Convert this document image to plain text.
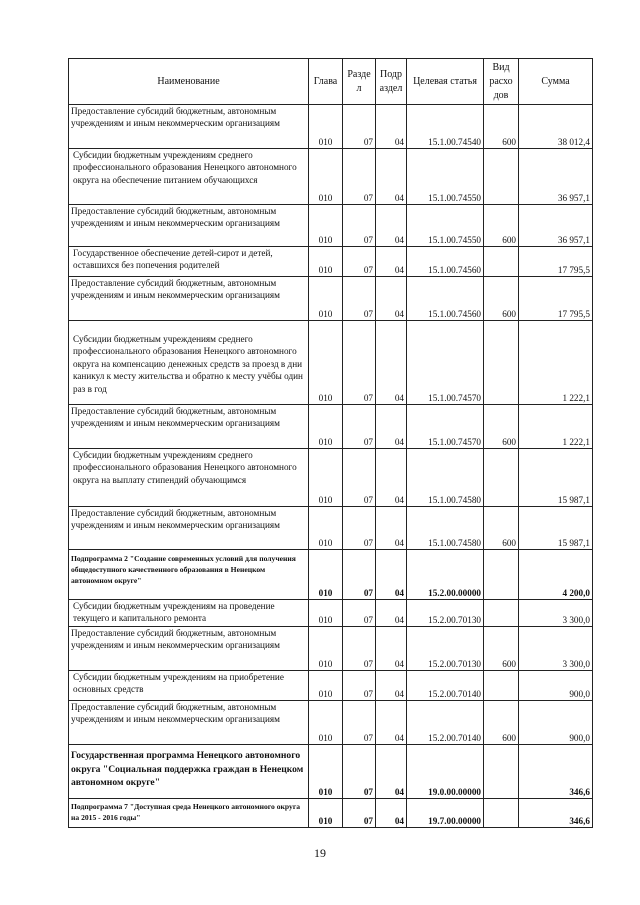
Наименование	Глава	Разде л	Подр аздел	Целевая статья	Вид расхо дов	Сумма
Предоставление субсидий бюджетным, автономным учреждениям и иным некоммерческим организациям	010	07	04	15.1.00.74540	600	38 012,4
Субсидии бюджетным учреждениям среднего профессионального образования Ненецкого автономного округа на обеспечение питанием обучающихся	010	07	04	15.1.00.74550		36 957,1
Предоставление субсидий бюджетным, автономным учреждениям и иным некоммерческим организациям	010	07	04	15.1.00.74550	600	36 957,1
Государственное обеспечение детей-сирот и детей, оставшихся без попечения родителей	010	07	04	15.1.00.74560		17 795,5
Предоставление субсидий бюджетным, автономным учреждениям и иным некоммерческим организациям	010	07	04	15.1.00.74560	600	17 795,5
Субсидии бюджетным учреждениям среднего профессионального образования Ненецкого автономного округа на компенсацию денежных средств за проезд в дни каникул к месту жительства и обратно к месту учёбы один раз в год	010	07	04	15.1.00.74570		1 222,1
Предоставление субсидий бюджетным, автономным учреждениям и иным некоммерческим организациям	010	07	04	15.1.00.74570	600	1 222,1
Субсидии бюджетным учреждениям среднего профессионального образования Ненецкого автономного округа на выплату стипендий обучающимся	010	07	04	15.1.00.74580		15 987,1
Предоставление субсидий бюджетным, автономным учреждениям и иным некоммерческим организациям	010	07	04	15.1.00.74580	600	15 987,1
Подпрограмма 2 "Создание современных условий для получения общедоступного качественного образования в Ненецком автономном округе"	010	07	04	15.2.00.00000		4 200,0
Субсидии бюджетным учреждениям на проведение текущего и капитального ремонта	010	07	04	15.2.00.70130		3 300,0
Предоставление субсидий бюджетным, автономным учреждениям и иным некоммерческим организациям	010	07	04	15.2.00.70130	600	3 300,0
Субсидии бюджетным учреждениям на приобретение основных средств	010	07	04	15.2.00.70140		900,0
Предоставление субсидий бюджетным, автономным учреждениям и иным некоммерческим организациям	010	07	04	15.2.00.70140	600	900,0
Государственная программа Ненецкого автономного округа "Социальная поддержка граждан в Ненецком автономном округе"	010	07	04	19.0.00.00000		346,6
Подпрограмма 7 "Доступная среда Ненецкого автономного округа на 2015 - 2016 годы"	010	07	04	19.7.00.00000		346,6
19
